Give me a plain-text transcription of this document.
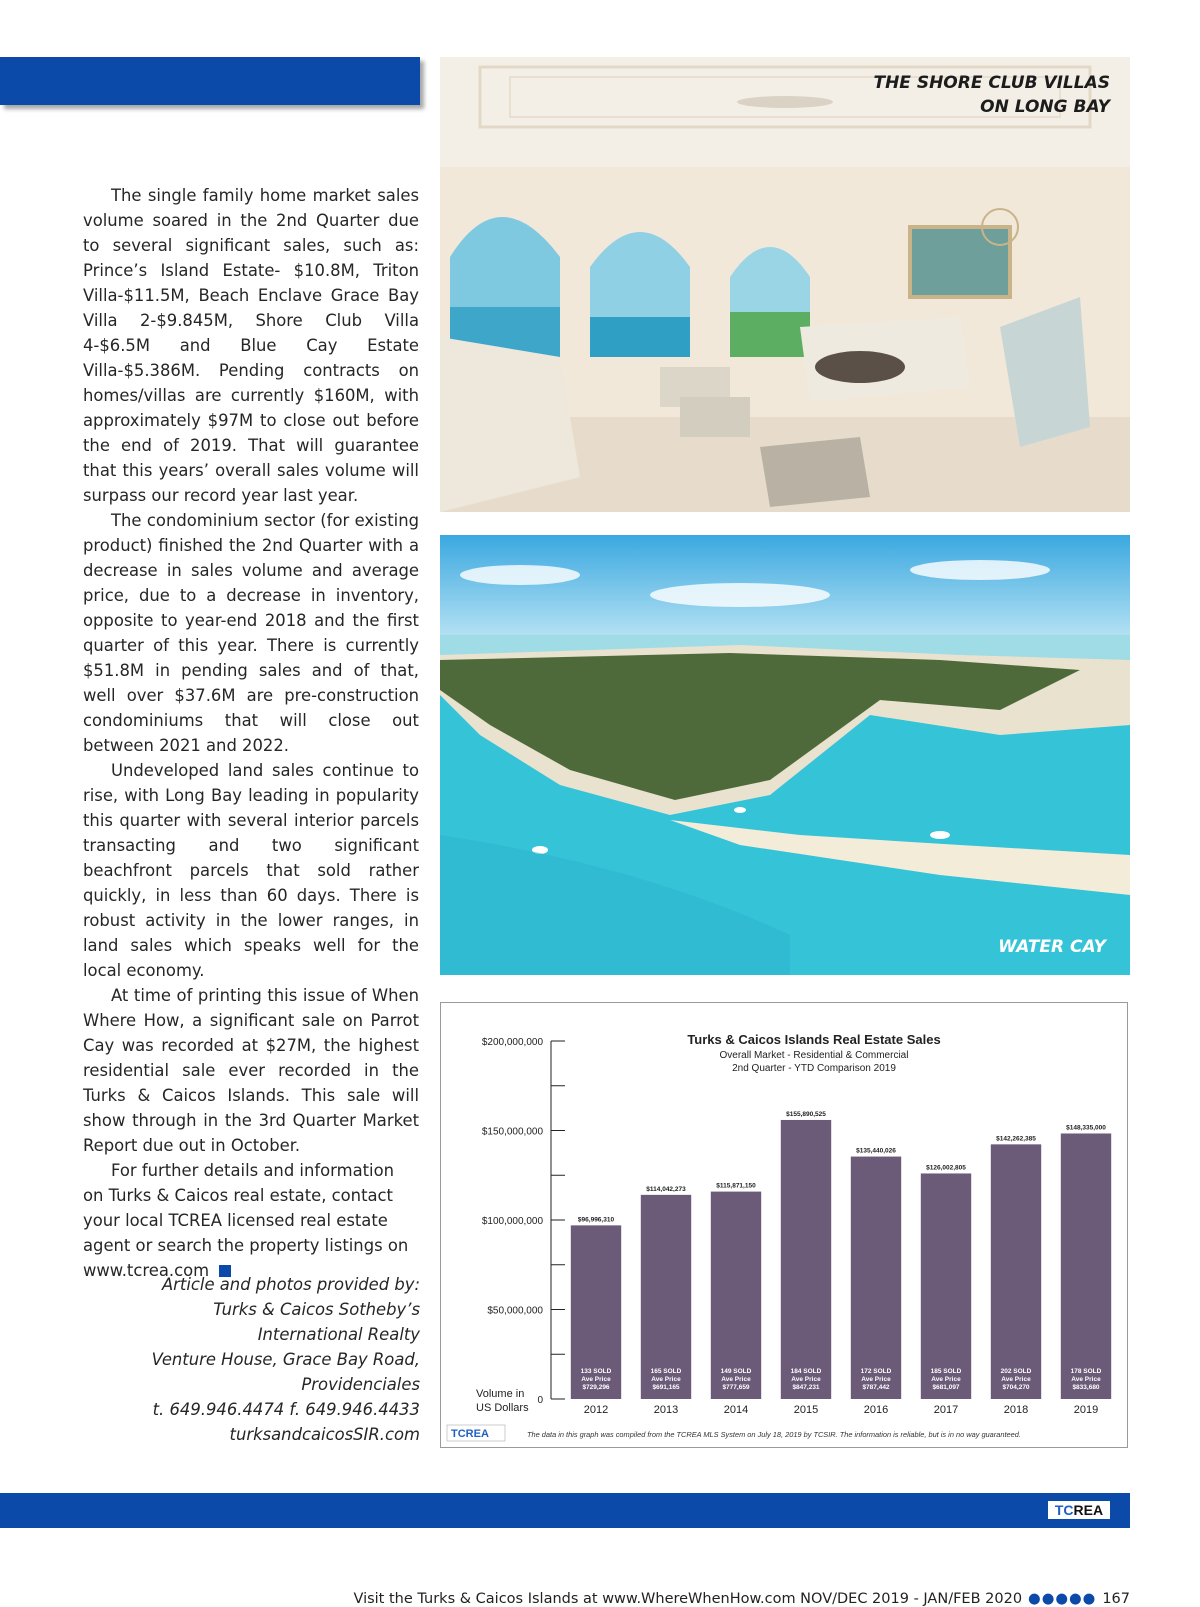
The single family home market sales volume soared in the 2nd Quarter due to several significant sales, such as: Prince’s Island Estate- $10.8M, Triton Villa-$11.5M, Beach Enclave Grace Bay Villa 2-$9.845M, Shore Club Villa 4-$6.5M and Blue Cay Estate Villa-$5.386M. Pending contracts on homes/villas are currently $160M, with approximately $97M to close out before the end of 2019. That will guarantee that this years’ overall sales volume will surpass our record year last year.

The condominium sector (for existing product) finished the 2nd Quarter with a decrease in sales volume and average price, due to a decrease in inventory, opposite to year-end 2018 and the first quarter of this year. There is currently $51.8M in pending sales and of that, well over $37.6M are pre-construction condominiums that will close out between 2021 and 2022.

Undeveloped land sales continue to rise, with Long Bay leading in popularity this quarter with several interior parcels transacting and two significant beachfront parcels that sold rather quickly, in less than 60 days. There is robust activity in the lower ranges, in land sales which speaks well for the local economy.

At time of printing this issue of When Where How, a significant sale on Parrot Cay was recorded at $27M, the highest residential sale ever recorded in the Turks & Caicos Islands. This sale will show through in the 3rd Quarter Market Report due out in October.

For further details and information on Turks & Caicos real estate, contact your local TCREA licensed real estate agent or search the property listings on www.tcrea.com

Article and photos provided by:
Turks & Caicos Sotheby’s
International Realty
Venture House, Grace Bay Road,
Providenciales
t. 649.946.4474 f. 649.946.4433
turksandcaicosSIR.com
THE SHORE CLUB VILLAS
ON LONG BAY
WATER CAY
Turks & Caicos Islands Real Estate Sales
Overall Market - Residential & Commercial
2nd Quarter - YTD Comparison 2019
Volume in
US Dollars
$200,000,000
$150,000,000
$100,000,000
$50,000,000
0
$96,996,310
133 SOLD
Ave Price
$729,296
2012
$114,042,273
165 SOLD
Ave Price
$691,165
2013
$115,871,150
149 SOLD
Ave Price
$777,659
2014
$155,890,525
184 SOLD
Ave Price
$847,231
2015
$135,440,026
172 SOLD
Ave Price
$787,442
2016
$126,002,805
185 SOLD
Ave Price
$681,097
2017
$142,262,385
202 SOLD
Ave Price
$704,270
2018
$148,335,000
178 SOLD
Ave Price
$833,680
2019
TCREA	The data in this graph was compiled from the TCREA MLS System on July 18, 2019 by TCSIR. The information is reliable, but is in no way guaranteed.
TCREA
Visit the Turks & Caicos Islands at www.WhereWhenHow.com NOV/DEC 2019 - JAN/FEB 2020 ●●●●● 167
